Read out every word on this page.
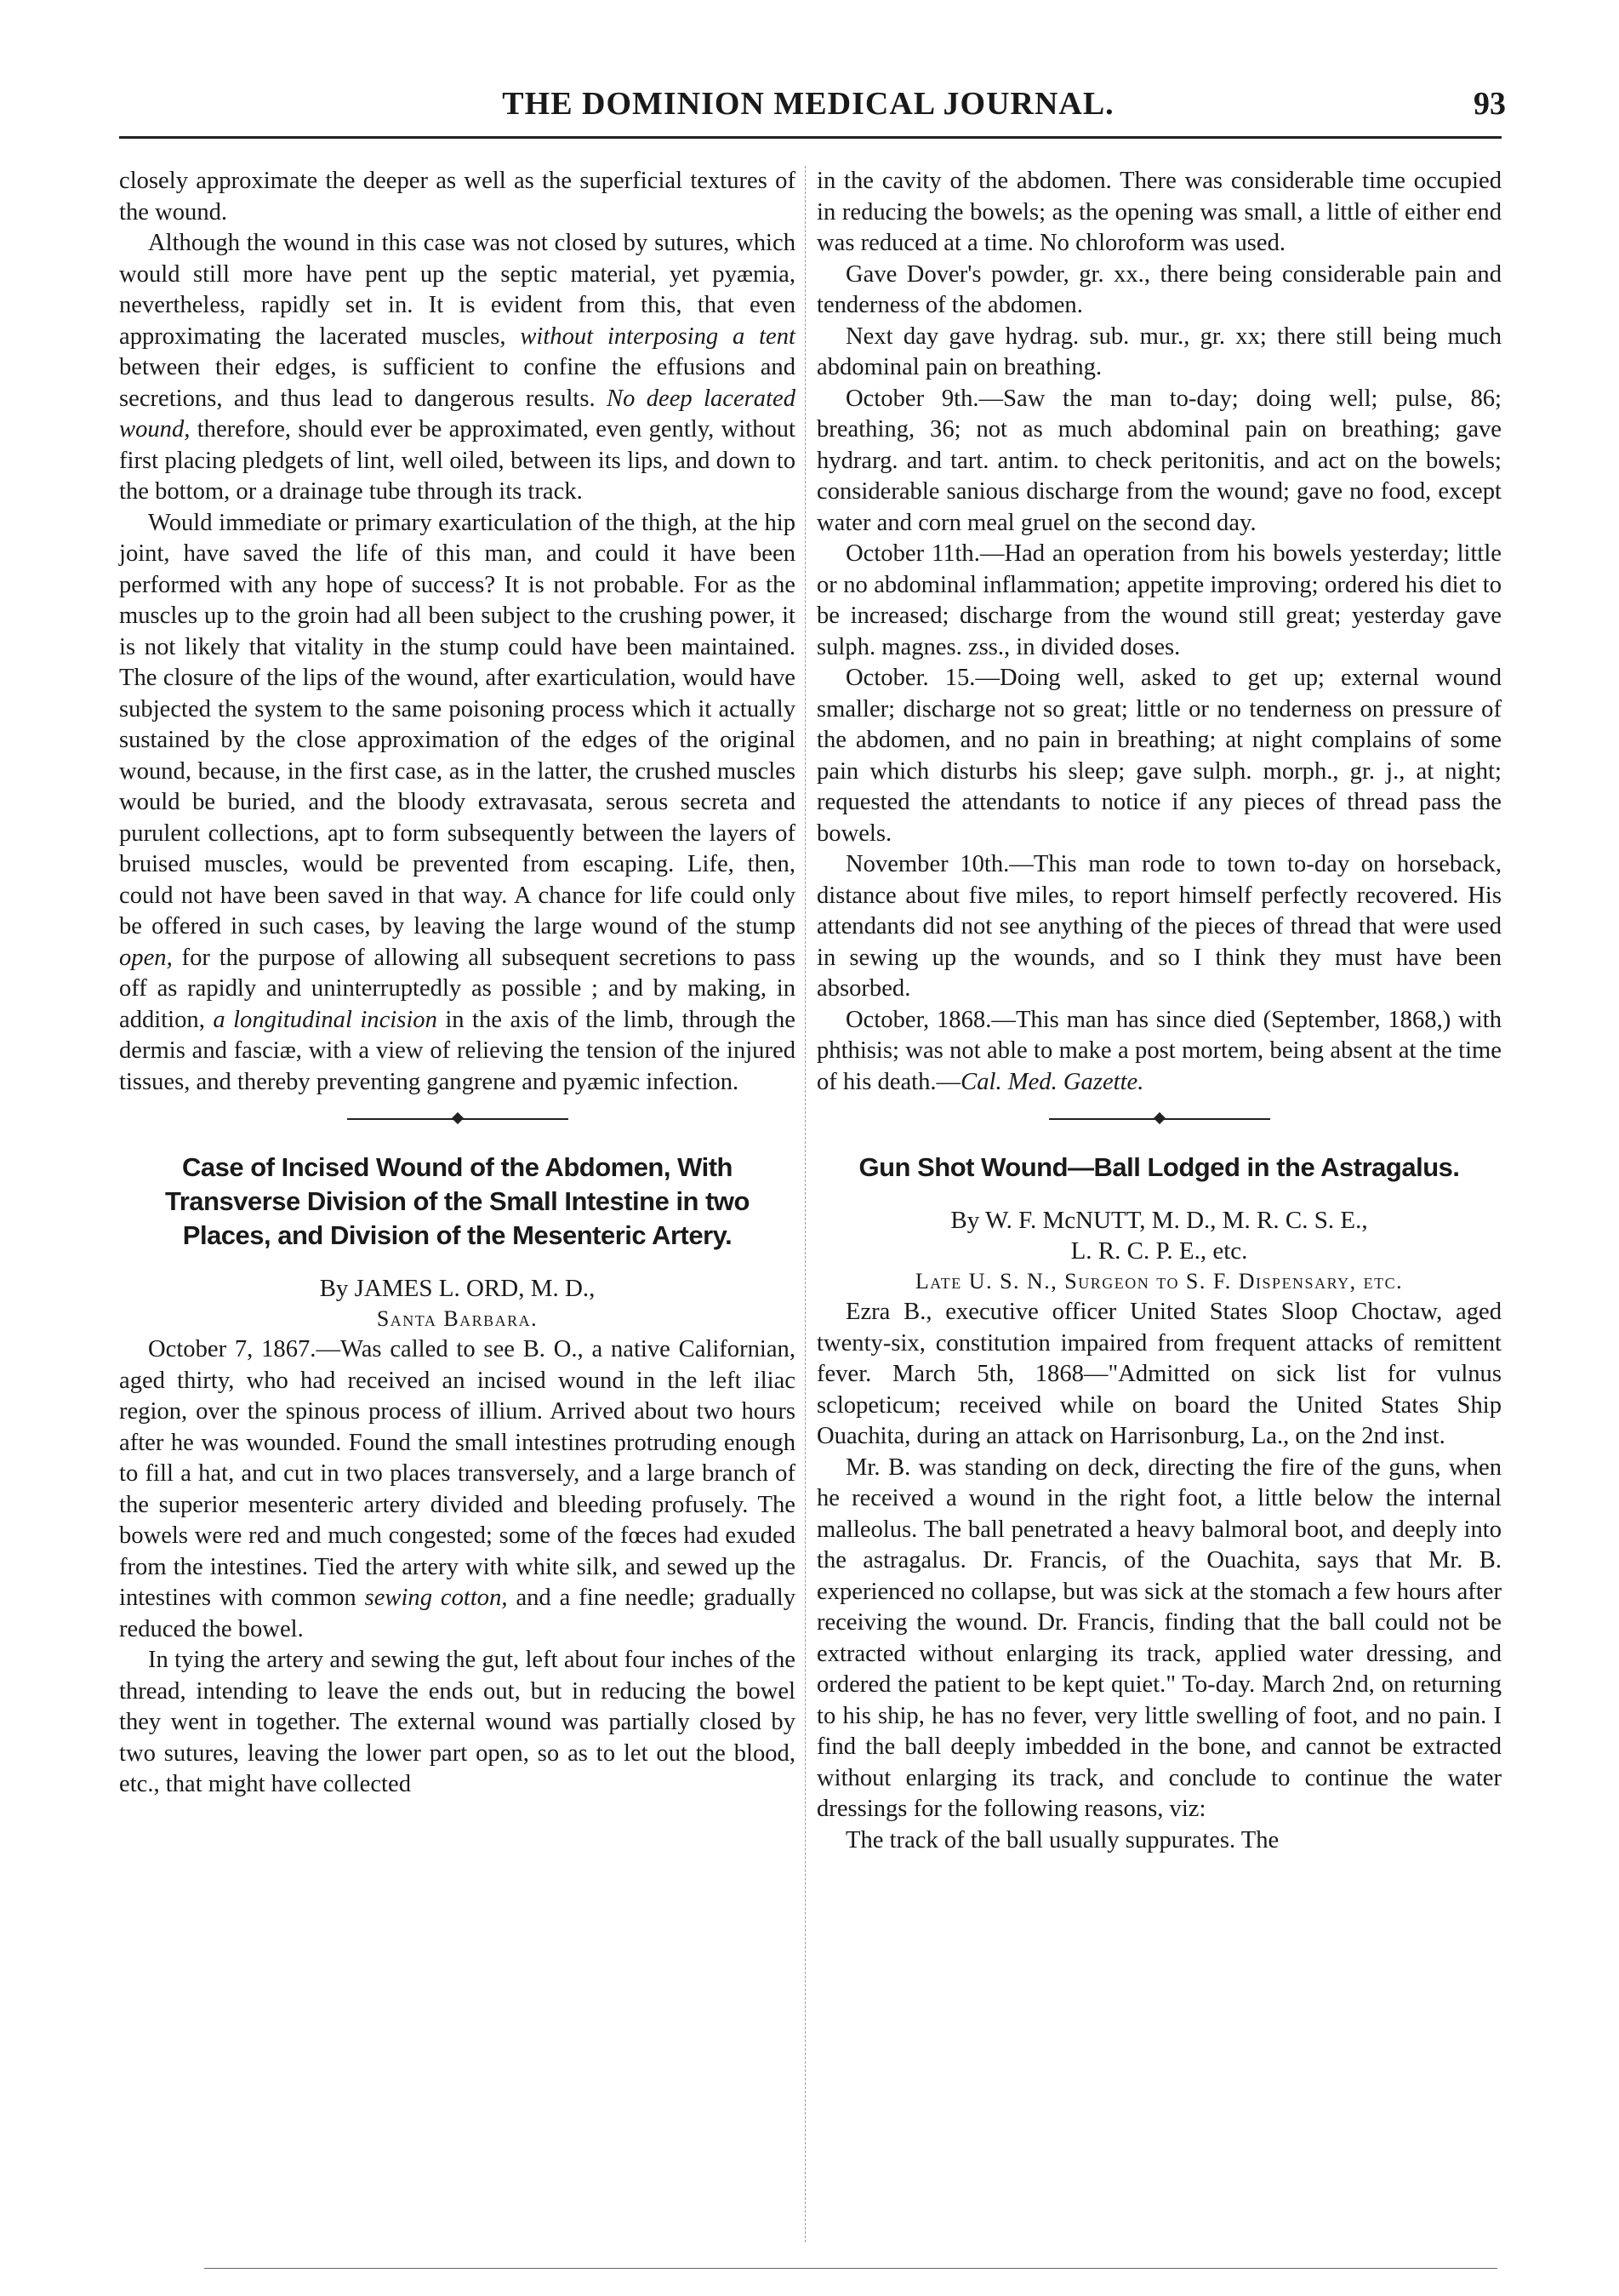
THE DOMINION MEDICAL JOURNAL.	93

closely approximate the deeper as well as the superficial textures of the wound.

Although the wound in this case was not closed by sutures, which would still more have pent up the septic material, yet pyæmia, nevertheless, rapidly set in. It is evident from this, that even approximating the lacerated muscles, without interposing a tent between their edges, is sufficient to confine the effusions and secretions, and thus lead to dangerous results. No deep lacerated wound, therefore, should ever be approximated, even gently, without first placing pledgets of lint, well oiled, between its lips, and down to the bottom, or a drainage tube through its track.

Would immediate or primary exarticulation of the thigh, at the hip joint, have saved the life of this man, and could it have been performed with any hope of success? It is not probable. For as the muscles up to the groin had all been subject to the crushing power, it is not likely that vitality in the stump could have been maintained. The closure of the lips of the wound, after exarticulation, would have subjected the system to the same poisoning process which it actually sustained by the close approximation of the edges of the original wound, because, in the first case, as in the latter, the crushed muscles would be buried, and the bloody extravasata, serous secreta and purulent collections, apt to form subsequently between the layers of bruised muscles, would be prevented from escaping. Life, then, could not have been saved in that way. A chance for life could only be offered in such cases, by leaving the large wound of the stump open, for the purpose of allowing all subsequent secretions to pass off as rapidly and uninterruptedly as possible ; and by making, in addition, a longitudinal incision in the axis of the limb, through the dermis and fasciæ, with a view of relieving the tension of the injured tissues, and thereby preventing gangrene and pyæmic infection.

Case of Incised Wound of the Abdomen, With Transverse Division of the Small Intestine in two Places, and Division of the Mesenteric Artery.

By JAMES L. ORD, M. D.,

Santa Barbara.

October 7, 1867.—Was called to see B. O., a native Californian, aged thirty, who had received an incised wound in the left iliac region, over the spinous process of illium. Arrived about two hours after he was wounded. Found the small intestines protruding enough to fill a hat, and cut in two places transversely, and a large branch of the superior mesenteric artery divided and bleeding profusely. The bowels were red and much congested; some of the fœces had exuded from the intestines. Tied the artery with white silk, and sewed up the intestines with common sewing cotton, and a fine needle; gradually reduced the bowel.

In tying the artery and sewing the gut, left about four inches of the thread, intending to leave the ends out, but in reducing the bowel they went in together. The external wound was partially closed by two sutures, leaving the lower part open, so as to let out the blood, etc., that might have collected

in the cavity of the abdomen. There was considerable time occupied in reducing the bowels; as the opening was small, a little of either end was reduced at a time. No chloroform was used.

Gave Dover's powder, gr. xx., there being considerable pain and tenderness of the abdomen.

Next day gave hydrag. sub. mur., gr. xx; there still being much abdominal pain on breathing.

October 9th.—Saw the man to-day; doing well; pulse, 86; breathing, 36; not as much abdominal pain on breathing; gave hydrarg. and tart. antim. to check peritonitis, and act on the bowels; considerable sanious discharge from the wound; gave no food, except water and corn meal gruel on the second day.

October 11th.—Had an operation from his bowels yesterday; little or no abdominal inflammation; appetite improving; ordered his diet to be increased; discharge from the wound still great; yesterday gave sulph. magnes. zss., in divided doses.

October. 15.—Doing well, asked to get up; external wound smaller; discharge not so great; little or no tenderness on pressure of the abdomen, and no pain in breathing; at night complains of some pain which disturbs his sleep; gave sulph. morph., gr. j., at night; requested the attendants to notice if any pieces of thread pass the bowels.

November 10th.—This man rode to town to-day on horseback, distance about five miles, to report himself perfectly recovered. His attendants did not see anything of the pieces of thread that were used in sewing up the wounds, and so I think they must have been absorbed.

October, 1868.—This man has since died (September, 1868,) with phthisis; was not able to make a post mortem, being absent at the time of his death.—Cal. Med. Gazette.

Gun Shot Wound—Ball Lodged in the Astragalus.

By W. F. McNUTT, M. D., M. R. C. S. E.,

L. R. C. P. E., etc.

Late U. S. N., Surgeon to S. F. Dispensary, etc.

Ezra B., executive officer United States Sloop Choctaw, aged twenty-six, constitution impaired from frequent attacks of remittent fever. March 5th, 1868—"Admitted on sick list for vulnus sclopeticum; received while on board the United States Ship Ouachita, during an attack on Harrisonburg, La., on the 2nd inst.

Mr. B. was standing on deck, directing the fire of the guns, when he received a wound in the right foot, a little below the internal malleolus. The ball penetrated a heavy balmoral boot, and deeply into the astragalus. Dr. Francis, of the Ouachita, says that Mr. B. experienced no collapse, but was sick at the stomach a few hours after receiving the wound. Dr. Francis, finding that the ball could not be extracted without enlarging its track, applied water dressing, and ordered the patient to be kept quiet." To-day. March 2nd, on returning to his ship, he has no fever, very little swelling of foot, and no pain. I find the ball deeply imbedded in the bone, and cannot be extracted without enlarging its track, and conclude to continue the water dressings for the following reasons, viz:

The track of the ball usually suppurates. The
